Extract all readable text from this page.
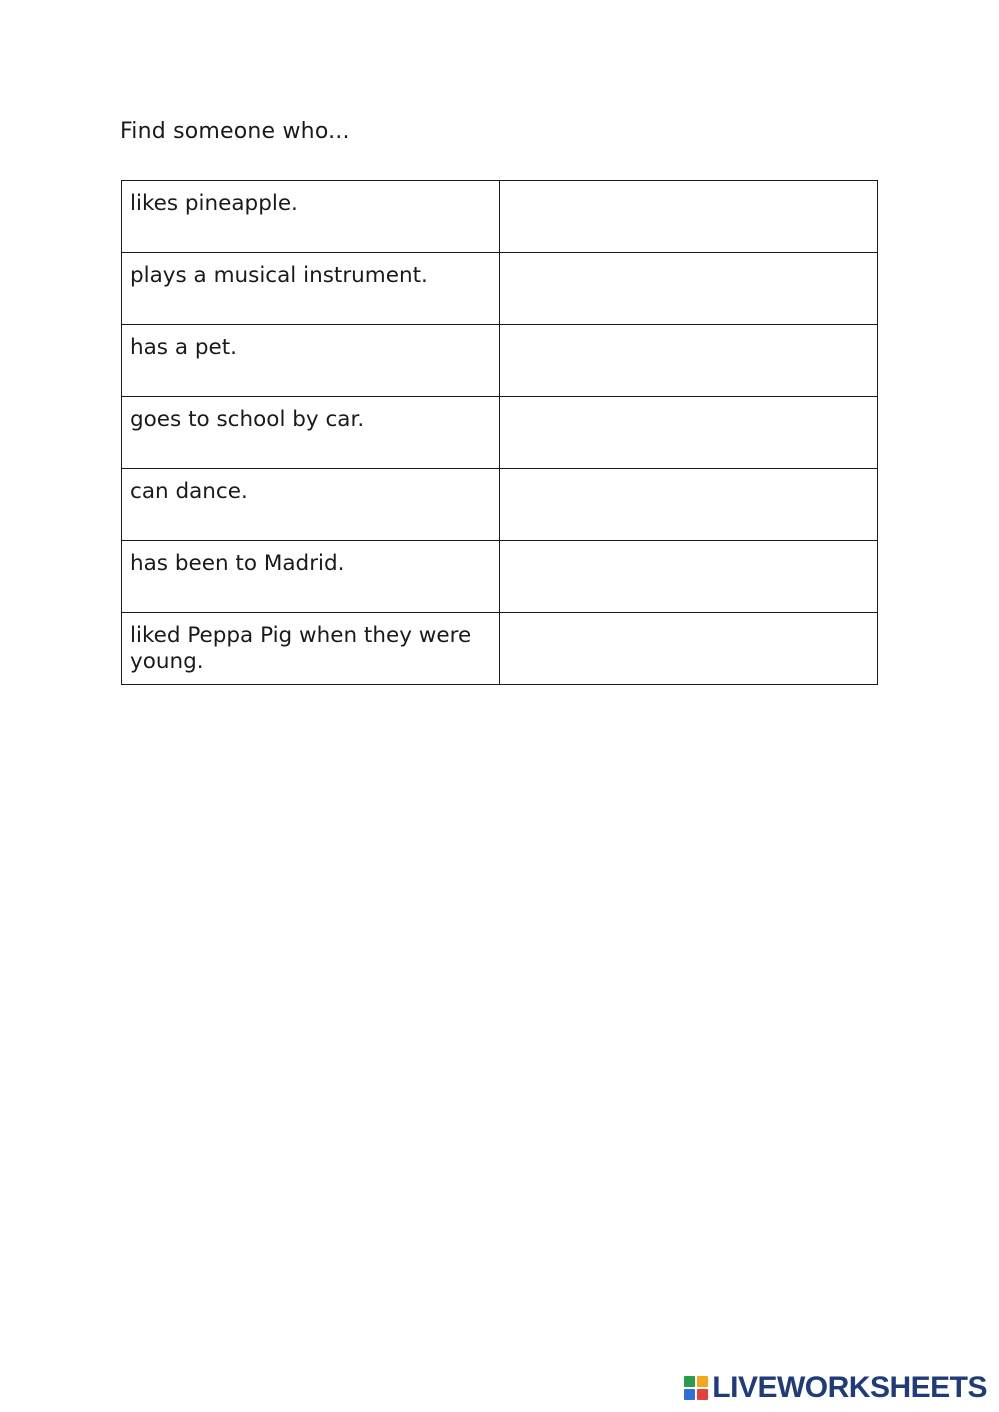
Find someone who...
likes pineapple.	
plays a musical instrument.	
has a pet.	
goes to school by car.	
can dance.	
has been to Madrid.	
liked Peppa Pig when they were young.	
LIVEWORKSHEETS
